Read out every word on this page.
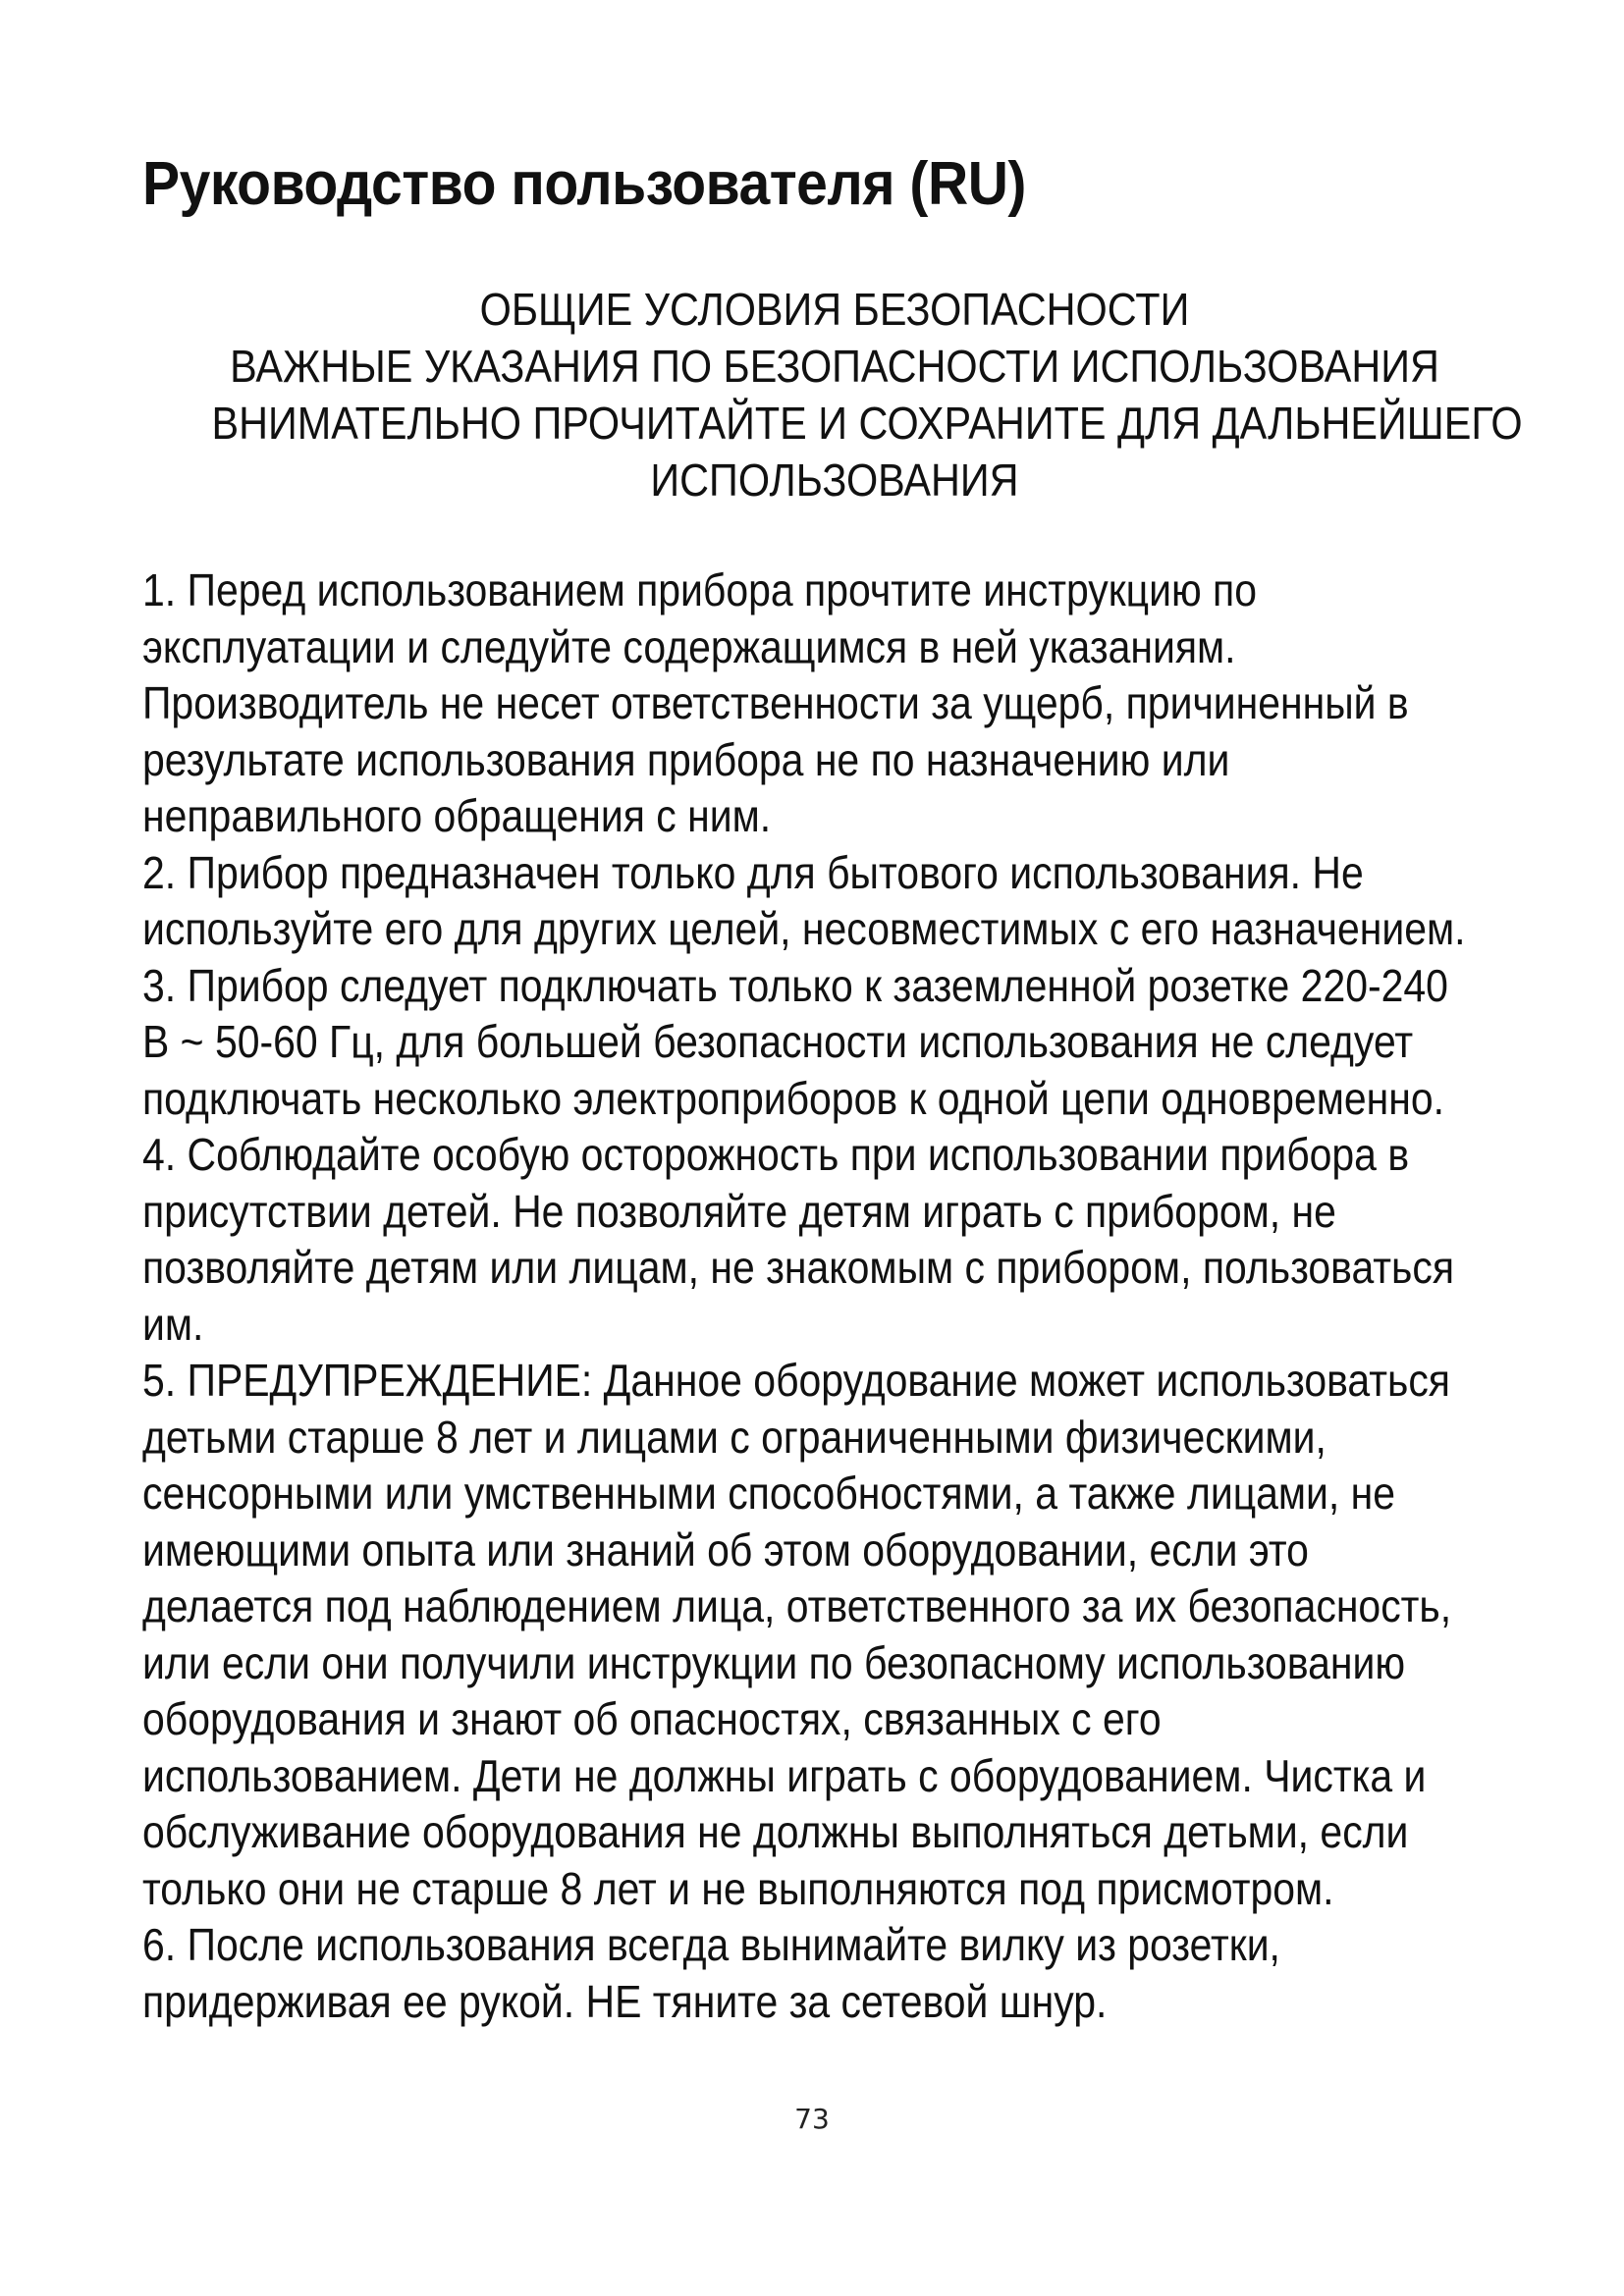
Руководство пользователя (RU)
ОБЩИЕ УСЛОВИЯ БЕЗОПАСНОСТИ
ВАЖНЫЕ УКАЗАНИЯ ПО БЕЗОПАСНОСТИ ИСПОЛЬЗОВАНИЯ
ВНИМАТЕЛЬНО ПРОЧИТАЙТЕ И СОХРАНИТЕ ДЛЯ ДАЛЬНЕЙШЕГО
ИСПОЛЬЗОВАНИЯ
1. Перед использованием прибора прочтите инструкцию по
эксплуатации и следуйте содержащимся в ней указаниям.
Производитель не несет ответственности за ущерб, причиненный в
результате использования прибора не по назначению или
неправильного обращения с ним.
2. Прибор предназначен только для бытового использования. Не
используйте его для других целей, несовместимых с его назначением.
3. Прибор следует подключать только к заземленной розетке 220-240
В ~ 50-60 Гц, для большей безопасности использования не следует
подключать несколько электроприборов к одной цепи одновременно.
4. Соблюдайте особую осторожность при использовании прибора в
присутствии детей. Не позволяйте детям играть с прибором, не
позволяйте детям или лицам, не знакомым с прибором, пользоваться
им.
5. ПРЕДУПРЕЖДЕНИЕ: Данное оборудование может использоваться
детьми старше 8 лет и лицами с ограниченными физическими,
сенсорными или умственными способностями, а также лицами, не
имеющими опыта или знаний об этом оборудовании, если это
делается под наблюдением лица, ответственного за их безопасность,
или если они получили инструкции по безопасному использованию
оборудования и знают об опасностях, связанных с его
использованием. Дети не должны играть с оборудованием. Чистка и
обслуживание оборудования не должны выполняться детьми, если
только они не старше 8 лет и не выполняются под присмотром.
6. После использования всегда вынимайте вилку из розетки,
придерживая ее рукой. НЕ тяните за сетевой шнур.
73
